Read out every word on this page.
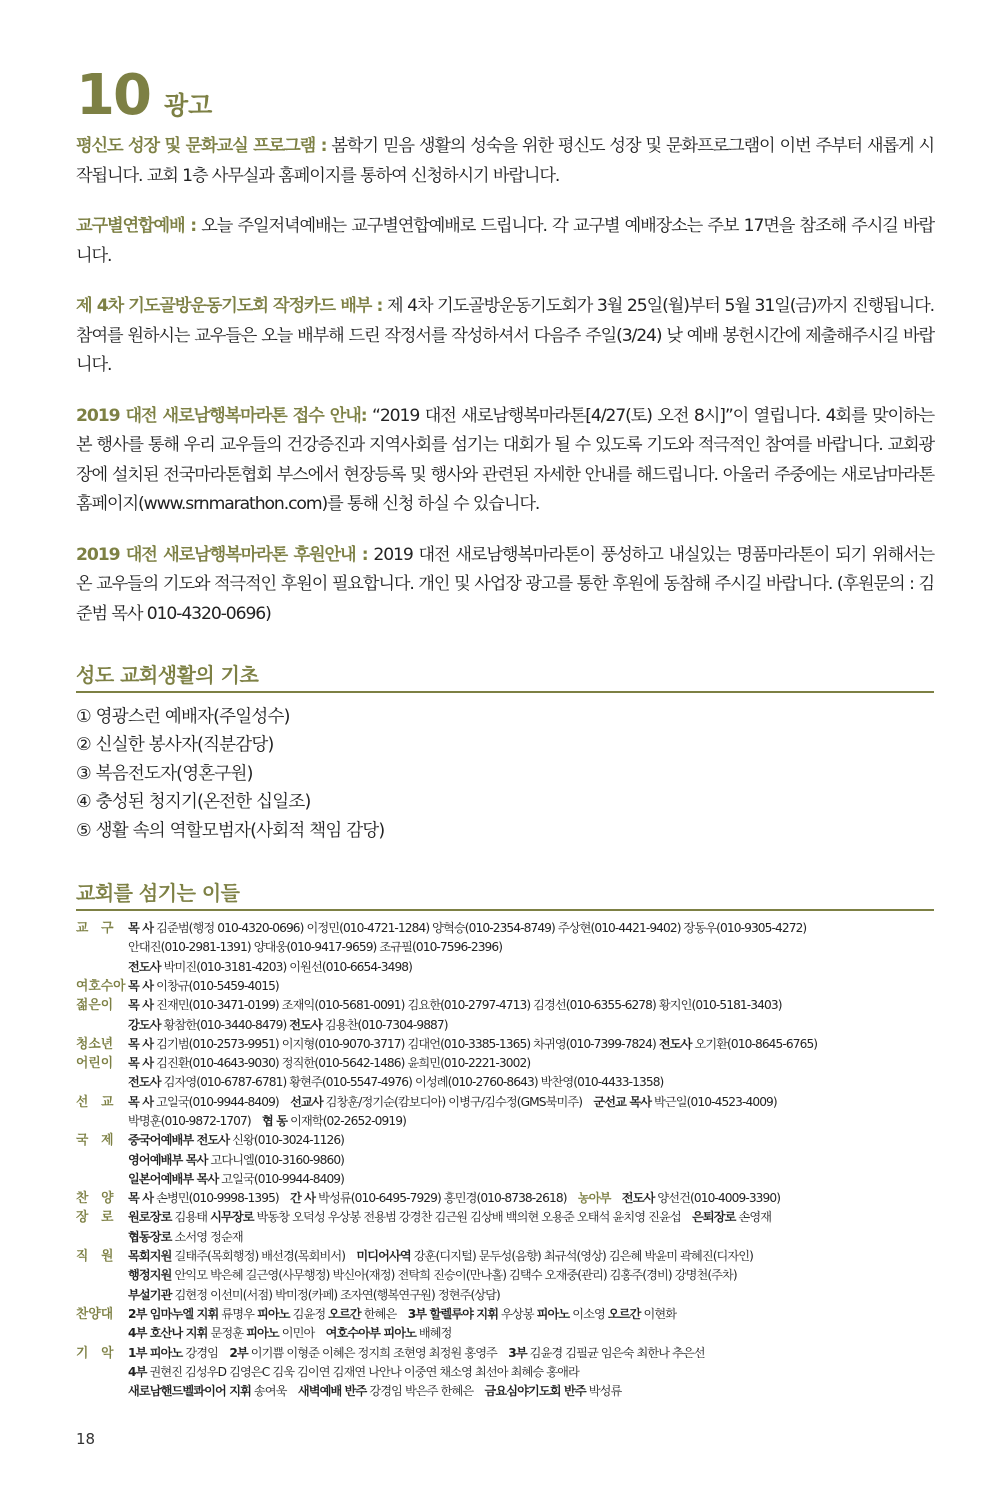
10 광고

평신도 성장 및 문화교실 프로그램 : 봄학기 믿음 생활의 성숙을 위한 평신도 성장 및 문화프로그램이 이번 주부터 새롭게 시작됩니다. 교회 1층 사무실과 홈페이지를 통하여 신청하시기 바랍니다.

교구별연합예배 : 오늘 주일저녁예배는 교구별연합예배로 드립니다. 각 교구별 예배장소는 주보 17면을 참조해 주시길 바랍니다.

제 4차 기도골방운동기도회 작정카드 배부 : 제 4차 기도골방운동기도회가 3월 25일(월)부터 5월 31일(금)까지 진행됩니다. 참여를 원하시는 교우들은 오늘 배부해 드린 작정서를 작성하셔서 다음주 주일(3/24) 낮 예배 봉헌시간에 제출해주시길 바랍니다.

2019 대전 새로남행복마라톤 접수 안내: “2019 대전 새로남행복마라톤[4/27(토) 오전 8시]”이 열립니다. 4회를 맞이하는 본 행사를 통해 우리 교우들의 건강증진과 지역사회를 섬기는 대회가 될 수 있도록 기도와 적극적인 참여를 바랍니다. 교회광장에 설치된 전국마라톤협회 부스에서 현장등록 및 행사와 관련된 자세한 안내를 해드립니다. 아울러 주중에는 새로남마라톤홈페이지(www.srnmarathon.com)를 통해 신청 하실 수 있습니다.

2019 대전 새로남행복마라톤 후원안내 : 2019 대전 새로남행복마라톤이 풍성하고 내실있는 명품마라톤이 되기 위해서는 온 교우들의 기도와 적극적인 후원이 필요합니다. 개인 및 사업장 광고를 통한 후원에 동참해 주시길 바랍니다. (후원문의 : 김준범 목사 010-4320-0696)

성도 교회생활의 기초
① 영광스런 예배자(주일성수)
② 신실한 봉사자(직분감당)
③ 복음전도자(영혼구원)
④ 충성된 청지기(온전한 십일조)
⑤ 생활 속의 역할모범자(사회적 책임 감당)
교회를 섬기는 이들
교　구	목 사 김준범(행정 010-4320-0696) 이정민(010-4721-1284) 양혁승(010-2354-8749) 주상현(010-4421-9402) 장동우(010-9305-4272)
안대진(010-2981-1391) 양대웅(010-9417-9659) 조규필(010-7596-2396)
전도사 박미진(010-3181-4203) 이원선(010-6654-3498)
여호수아 목 사 이창규(010-5459-4015)
젊은이	목 사 진재민(010-3471-0199) 조재익(010-5681-0091) 김요한(010-2797-4713) 김경선(010-6355-6278) 황지인(010-5181-3403)
강도사 황참한(010-3440-8479) 전도사 김용찬(010-7304-9887)
청소년	목 사 김기범(010-2573-9951) 이지형(010-9070-3717) 김대언(010-3385-1365) 차귀영(010-7399-7824) 전도사 오기환(010-8645-6765)
어린이	목 사 김진환(010-4643-9030) 정직한(010-5642-1486) 윤희민(010-2221-3002)
전도사 김자영(010-6787-6781) 황현주(010-5547-4976) 이성례(010-2760-8643) 박찬영(010-4433-1358)
선　교	목 사 고일국(010-9944-8409)　선교사 김창훈/정기순(캄보디아) 이병구/김수정(GMS북미주)　군선교 목사 박근일(010-4523-4009)
박명훈(010-9872-1707)　협 동 이재학(02-2652-0919)
국　제	중국어예배부 전도사 신왕(010-3024-1126)
영어예배부 목사 고다니엘(010-3160-9860)
일본어예배부 목사 고일국(010-9944-8409)
찬　양	목 사 손병민(010-9998-1395)　간 사 박성류(010-6495-7929) 홍민경(010-8738-2618)　농아부　 전도사 양선건(010-4009-3390)
장　로	원로장로 김용태 시무장로 박동창 오덕성 우상봉 전용범 강경찬 김근원 김상배 백의현 오용준 오태석 윤치영 진윤섭　은퇴장로 손영재
협동장로 소서영 정순재
직　원	목회지원 길태주(목회행정) 배선경(목회비서)　미디어사역 강훈(디지털) 문두성(음향) 최규석(영상) 김은혜 박윤미 곽혜진(디자인)
행정지원 안익모 박은혜 길근영(사무행정) 박신아(재정) 전탁희 진승이(만나홀) 김택수 오재중(관리) 김홍주(경비) 강명천(주차)
부설기관 김현정 이선미(서점) 박미정(카페) 조자연(행복연구원) 정현주(상담)
찬양대	2부 임마누엘 지휘 류명우 피아노 김윤정 오르간 한혜은　3부 할렐루야 지휘 우상봉 피아노 이소영 오르간 이현화
4부 호산나 지휘 문정훈 피아노 이민아　여호수아부 피아노 배혜정
기　악	1부 피아노 강경임　2부 이기쁨 이형준 이혜은 정지희 조현영 최정원 홍영주　3부 김윤경 김필균 임은숙 최한나 추은선
4부 권현진 김성우D 김영은C 김욱 김이연 김재연 나안나 이중연 채소영 최선아 최혜승 홍애라
새로남핸드벨콰이어 지휘 송여욱　새벽예배 반주 강경임 박은주 한혜은　금요심야기도회 반주 박성류
18
